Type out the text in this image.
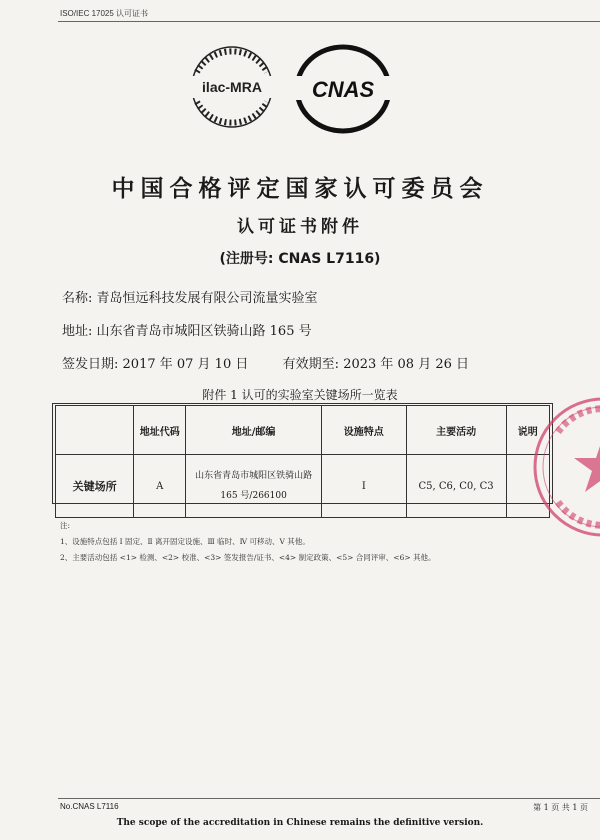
ISO/IEC 17025 认可证书
ilac-MRA CNAS
中国合格评定国家认可委员会
认可证书附件
(注册号: CNAS L7116)
名称: 青岛恒远科技发展有限公司流量实验室
地址: 山东省青岛市城阳区铁骑山路 165 号
签发日期: 2017 年 07 月 10 日	有效期至: 2023 年 08 月 26 日
附件 1 认可的实验室关键场所一览表
	地址代码	地址/邮编	设施特点	主要活动	说明
关键场所	A	山东省青岛市城阳区铁骑山路 165 号/266100	Ⅰ	C5, C6, C0, C3	
注:
1、设施特点包括 Ⅰ 固定、Ⅱ 离开固定设施、Ⅲ 临时、Ⅳ 可移动、Ⅴ 其他。
2、主要活动包括 <1> 检测、<2> 校准、<3> 签发报告/证书、<4> 制定政策、<5> 合同评审、<6> 其他。
No.CNAS L7116	第 1 页 共 1 页
The scope of the accreditation in Chinese remains the definitive version.
